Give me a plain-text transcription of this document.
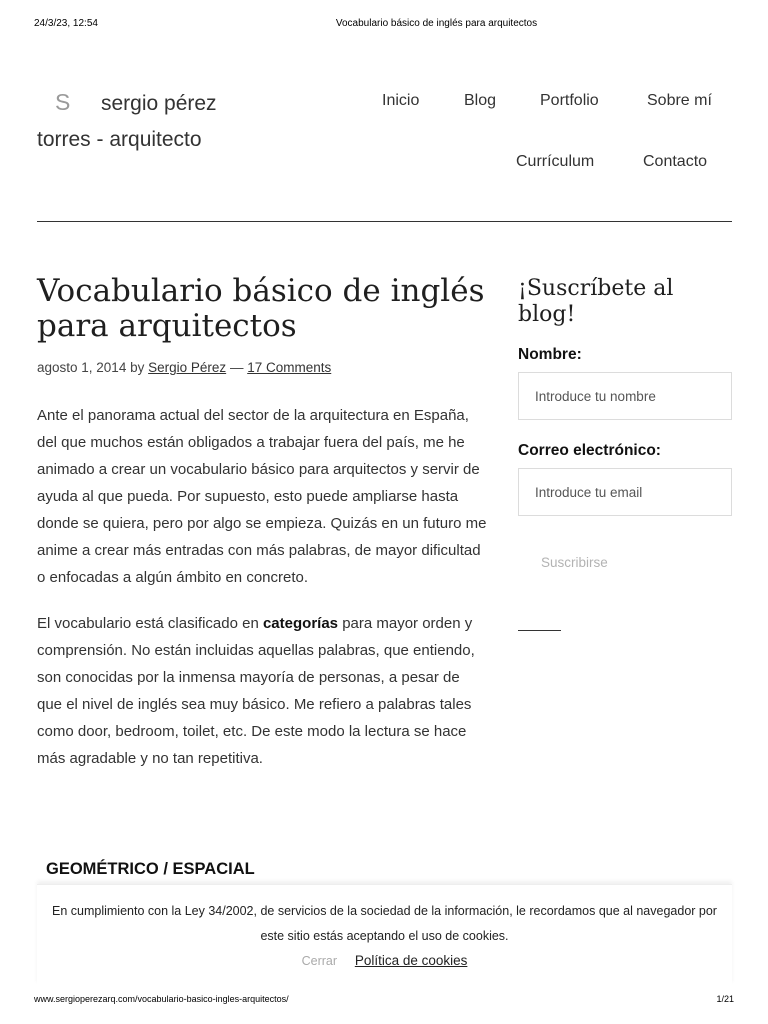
24/3/23, 12:54	Vocabulario básico de inglés para arquitectos
S sergio pérez
torres - arquitecto
Inicio	Blog	Portfolio	Sobre mí
Currículum	Contacto
Vocabulario básico de inglés para arquitectos
agosto 1, 2014 by Sergio Pérez — 17 Comments

Ante el panorama actual del sector de la arquitectura en España, del que muchos están obligados a trabajar fuera del país, me he animado a crear un vocabulario básico para arquitectos y servir de ayuda al que pueda. Por supuesto, esto puede ampliarse hasta donde se quiera, pero por algo se empieza. Quizás en un futuro me anime a crear más entradas con más palabras, de mayor dificultad o enfocadas a algún ámbito en concreto.

El vocabulario está clasificado en categorías para mayor orden y comprensión. No están incluidas aquellas palabras, que entiendo, son conocidas por la inmensa mayoría de personas, a pesar de que el nivel de inglés sea muy básico. Me refiero a palabras tales como door, bedroom, toilet, etc. De este modo la lectura se hace más agradable y no tan repetitiva.

GEOMÉTRICO / ESPACIAL
¡Suscríbete al blog!
Nombre:
Introduce tu nombre
Correo electrónico:
Introduce tu email
Suscribirse
En cumplimiento con la Ley 34/2002, de servicios de la sociedad de la información, le recordamos que al navegador por este sitio estás aceptando el uso de cookies.
Cerrar Política de cookies
www.sergioperezarq.com/vocabulario-basico-ingles-arquitectos/	1/21
